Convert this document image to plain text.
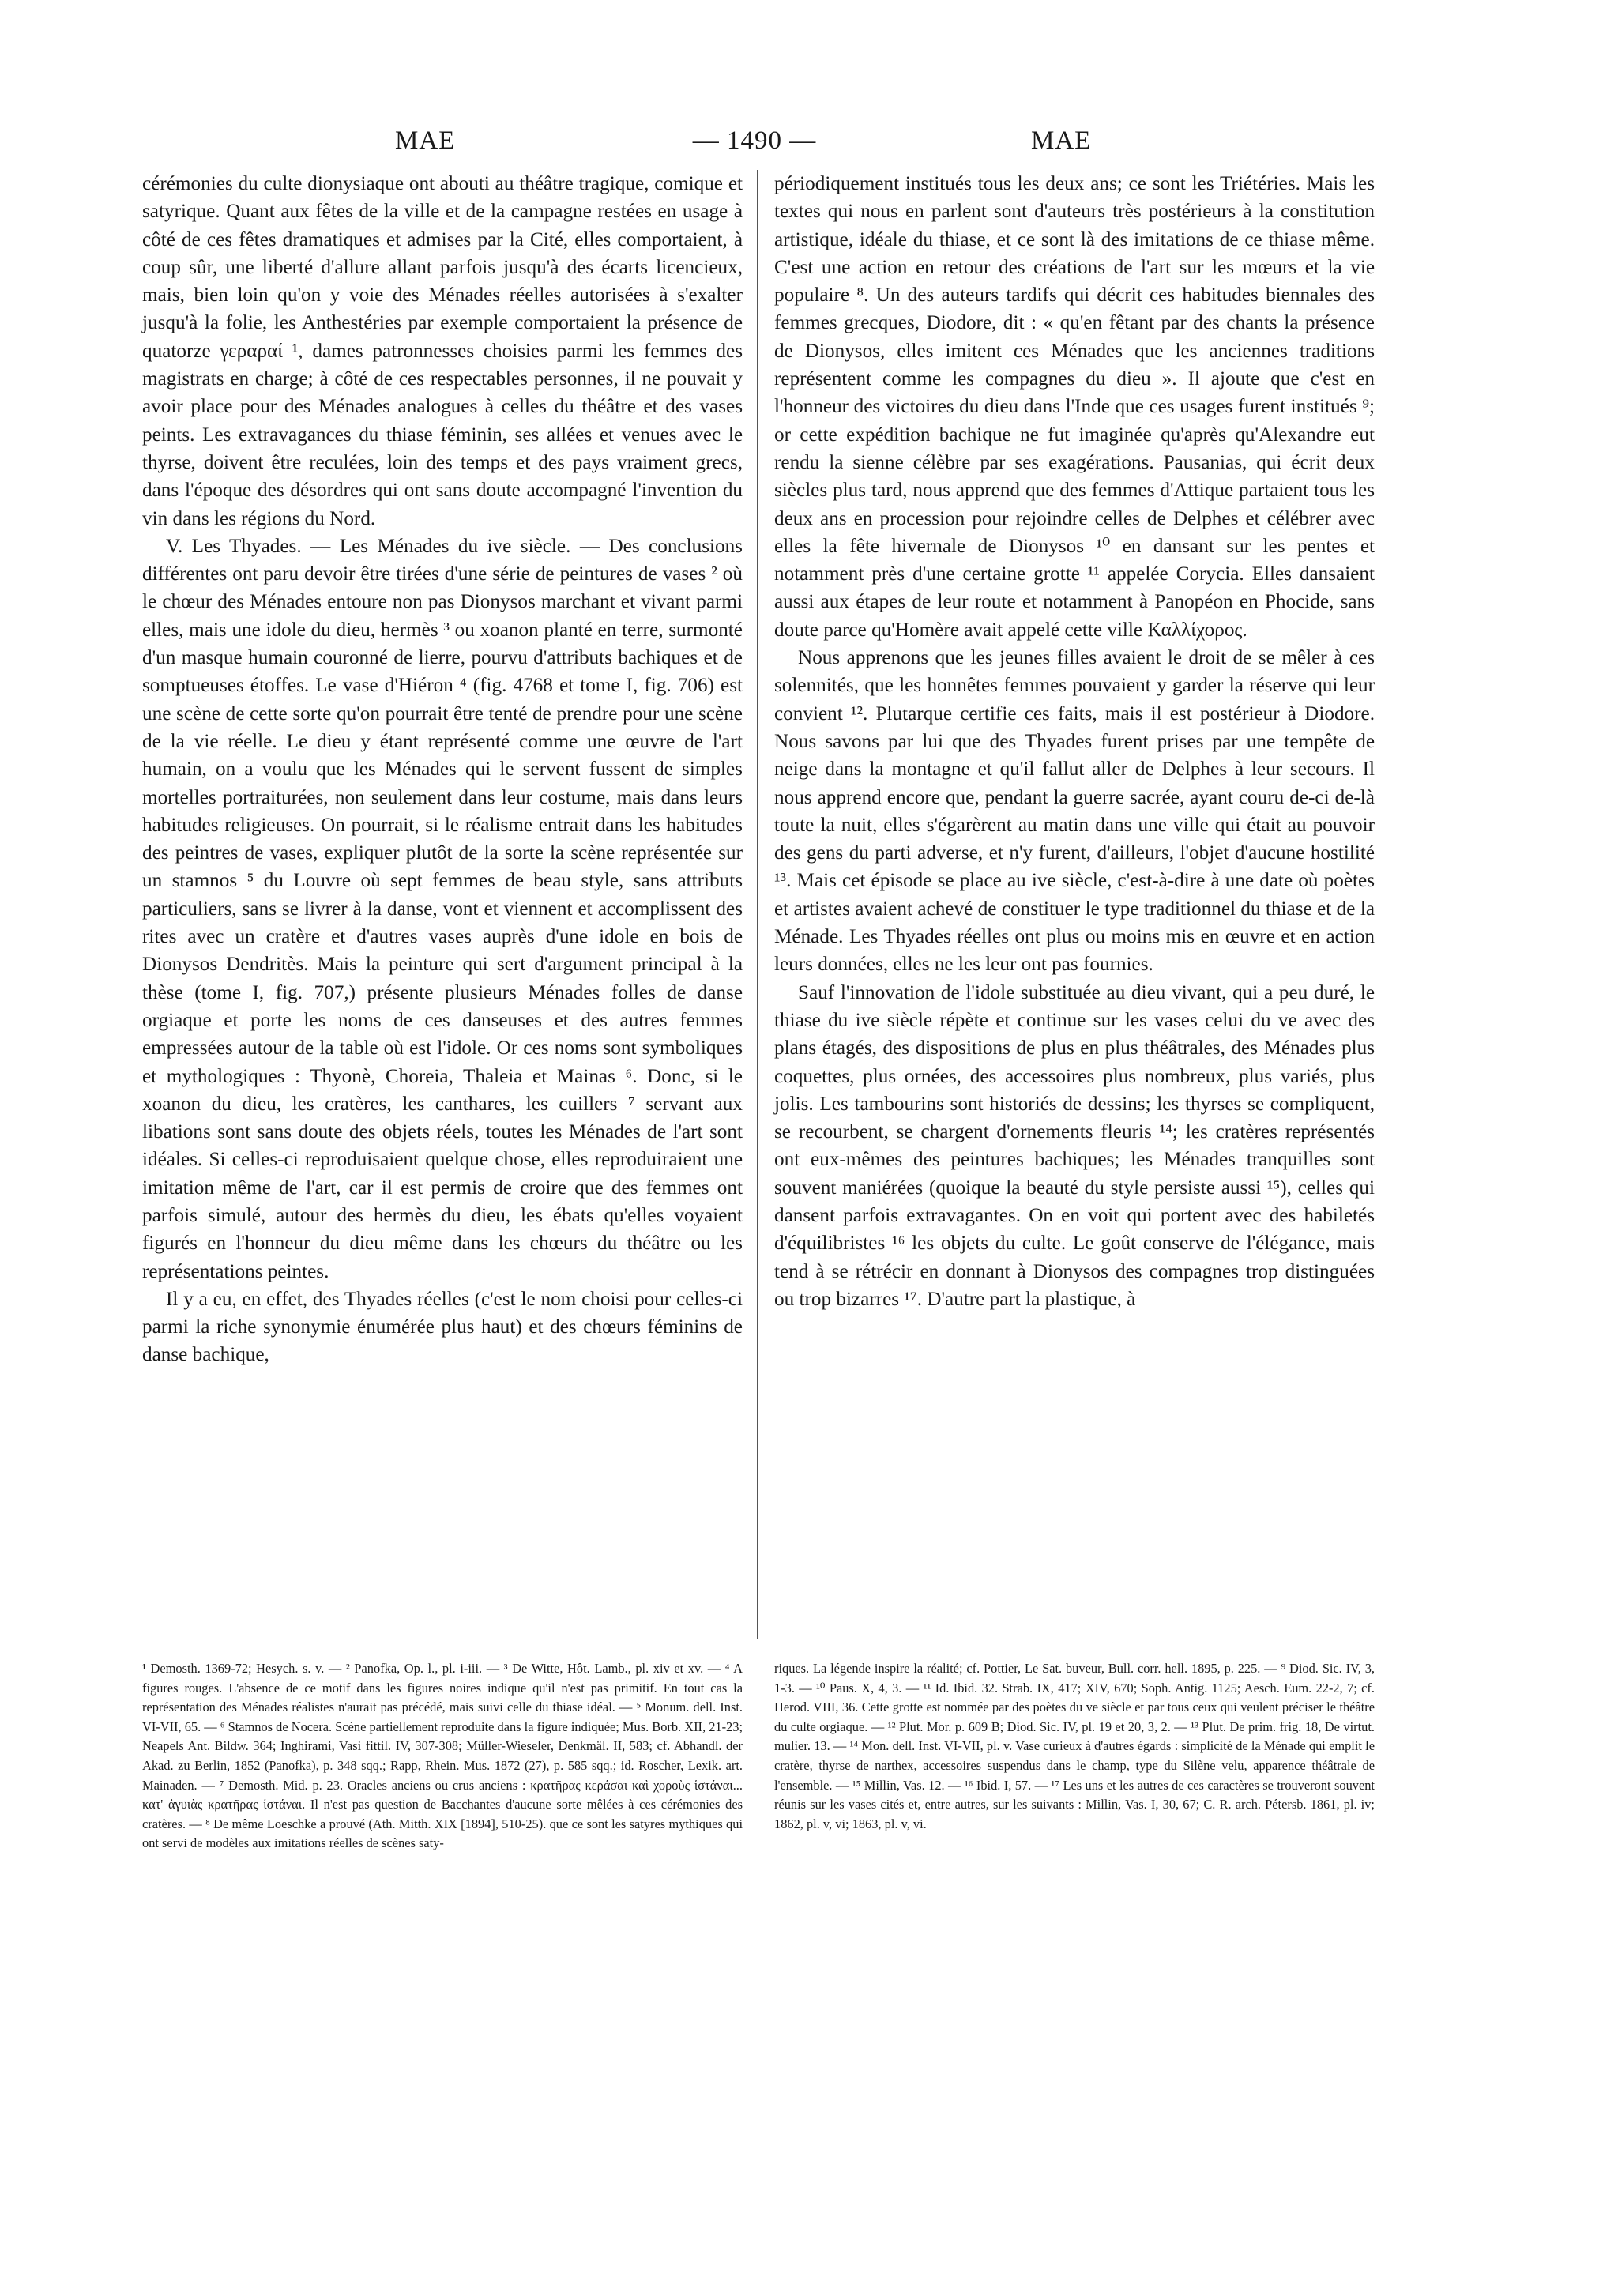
MAE	— 1490 —	MAE

cérémonies du culte dionysiaque ont abouti au théâtre tragique, comique et satyrique. Quant aux fêtes de la ville et de la campagne restées en usage à côté de ces fêtes dramatiques et admises par la Cité, elles comportaient, à coup sûr, une liberté d'allure allant parfois jusqu'à des écarts licencieux, mais, bien loin qu'on y voie des Ménades réelles autorisées à s'exalter jusqu'à la folie, les Anthestéries par exemple comportaient la présence de quatorze γεραραί ¹, dames patronnesses choisies parmi les femmes des magistrats en charge; à côté de ces respectables personnes, il ne pouvait y avoir place pour des Ménades analogues à celles du théâtre et des vases peints. Les extravagances du thiase féminin, ses allées et venues avec le thyrse, doivent être reculées, loin des temps et des pays vraiment grecs, dans l'époque des désordres qui ont sans doute accompagné l'invention du vin dans les régions du Nord.

V. Les Thyades. — Les Ménades du ive siècle. — Des conclusions différentes ont paru devoir être tirées d'une série de peintures de vases ² où le chœur des Ménades entoure non pas Dionysos marchant et vivant parmi elles, mais une idole du dieu, hermès ³ ou xoanon planté en terre, surmonté d'un masque humain couronné de lierre, pourvu d'attributs bachiques et de somptueuses étoffes. Le vase d'Hiéron ⁴ (fig. 4768 et tome I, fig. 706) est une scène de cette sorte qu'on pourrait être tenté de prendre pour une scène de la vie réelle. Le dieu y étant représenté comme une œuvre de l'art humain, on a voulu que les Ménades qui le servent fussent de simples mortelles portraiturées, non seulement dans leur costume, mais dans leurs habitudes religieuses. On pourrait, si le réalisme entrait dans les habitudes des peintres de vases, expliquer plutôt de la sorte la scène représentée sur un stamnos ⁵ du Louvre où sept femmes de beau style, sans attributs particuliers, sans se livrer à la danse, vont et viennent et accomplissent des rites avec un cratère et d'autres vases auprès d'une idole en bois de Dionysos Dendritès. Mais la peinture qui sert d'argument principal à la thèse (tome I, fig. 707,) présente plusieurs Ménades folles de danse orgiaque et porte les noms de ces danseuses et des autres femmes empressées autour de la table où est l'idole. Or ces noms sont symboliques et mythologiques : Thyonè, Choreia, Thaleia et Mainas ⁶. Donc, si le xoanon du dieu, les cratères, les canthares, les cuillers ⁷ servant aux libations sont sans doute des objets réels, toutes les Ménades de l'art sont idéales. Si celles-ci reproduisaient quelque chose, elles reproduiraient une imitation même de l'art, car il est permis de croire que des femmes ont parfois simulé, autour des hermès du dieu, les ébats qu'elles voyaient figurés en l'honneur du dieu même dans les chœurs du théâtre ou les représentations peintes.

Il y a eu, en effet, des Thyades réelles (c'est le nom choisi pour celles-ci parmi la riche synonymie énumérée plus haut) et des chœurs féminins de danse bachique,

périodiquement institués tous les deux ans; ce sont les Triétéries. Mais les textes qui nous en parlent sont d'auteurs très postérieurs à la constitution artistique, idéale du thiase, et ce sont là des imitations de ce thiase même. C'est une action en retour des créations de l'art sur les mœurs et la vie populaire ⁸. Un des auteurs tardifs qui décrit ces habitudes biennales des femmes grecques, Diodore, dit : « qu'en fêtant par des chants la présence de Dionysos, elles imitent ces Ménades que les anciennes traditions représentent comme les compagnes du dieu ». Il ajoute que c'est en l'honneur des victoires du dieu dans l'Inde que ces usages furent institués ⁹; or cette expédition bachique ne fut imaginée qu'après qu'Alexandre eut rendu la sienne célèbre par ses exagérations. Pausanias, qui écrit deux siècles plus tard, nous apprend que des femmes d'Attique partaient tous les deux ans en procession pour rejoindre celles de Delphes et célébrer avec elles la fête hivernale de Dionysos ¹⁰ en dansant sur les pentes et notamment près d'une certaine grotte ¹¹ appelée Corycia. Elles dansaient aussi aux étapes de leur route et notamment à Panopéon en Phocide, sans doute parce qu'Homère avait appelé cette ville Καλλίχορος.

Nous apprenons que les jeunes filles avaient le droit de se mêler à ces solennités, que les honnêtes femmes pouvaient y garder la réserve qui leur convient ¹². Plutarque certifie ces faits, mais il est postérieur à Diodore. Nous savons par lui que des Thyades furent prises par une tempête de neige dans la montagne et qu'il fallut aller de Delphes à leur secours. Il nous apprend encore que, pendant la guerre sacrée, ayant couru de-ci de-là toute la nuit, elles s'égarèrent au matin dans une ville qui était au pouvoir des gens du parti adverse, et n'y furent, d'ailleurs, l'objet d'aucune hostilité ¹³. Mais cet épisode se place au ive siècle, c'est-à-dire à une date où poètes et artistes avaient achevé de constituer le type traditionnel du thiase et de la Ménade. Les Thyades réelles ont plus ou moins mis en œuvre et en action leurs données, elles ne les leur ont pas fournies.

Sauf l'innovation de l'idole substituée au dieu vivant, qui a peu duré, le thiase du ive siècle répète et continue sur les vases celui du ve avec des plans étagés, des dispositions de plus en plus théâtrales, des Ménades plus coquettes, plus ornées, des accessoires plus nombreux, plus variés, plus jolis. Les tambourins sont historiés de dessins; les thyrses se compliquent, se recourbent, se chargent d'ornements fleuris ¹⁴; les cratères représentés ont eux-mêmes des peintures bachiques; les Ménades tranquilles sont souvent maniérées (quoique la beauté du style persiste aussi ¹⁵), celles qui dansent parfois extravagantes. On en voit qui portent avec des habiletés d'équilibristes ¹⁶ les objets du culte. Le goût conserve de l'élégance, mais tend à se rétrécir en donnant à Dionysos des compagnes trop distinguées ou trop bizarres ¹⁷. D'autre part la plastique, à

¹ Demosth. 1369-72; Hesych. s. v. — ² Panofka, Op. l., pl. i-iii. — ³ De Witte, Hôt. Lamb., pl. xiv et xv. — ⁴ A figures rouges. L'absence de ce motif dans les figures noires indique qu'il n'est pas primitif. En tout cas la représentation des Ménades réalistes n'aurait pas précédé, mais suivi celle du thiase idéal. — ⁵ Monum. dell. Inst. VI-VII, 65. — ⁶ Stamnos de Nocera. Scène partiellement reproduite dans la figure indiquée; Mus. Borb. XII, 21-23; Neapels Ant. Bildw. 364; Inghirami, Vasi fittil. IV, 307-308; Müller-Wieseler, Denkmäl. II, 583; cf. Abhandl. der Akad. zu Berlin, 1852 (Panofka), p. 348 sqq.; Rapp, Rhein. Mus. 1872 (27), p. 585 sqq.; id. Roscher, Lexik. art. Mainaden. — ⁷ Demosth. Mid. p. 23. Oracles anciens ou crus anciens : κρατῆρας κεράσαι καὶ χοροὺς ἱστάναι... κατ' ἀγυιὰς κρατῆρας ἱστάναι. Il n'est pas question de Bacchantes d'aucune sorte mêlées à ces cérémonies des cratères. — ⁸ De même Loeschke a prouvé (Ath. Mitth. XIX [1894], 510-25). que ce sont les satyres mythiques qui ont servi de modèles aux imitations réelles de scènes saty-

riques. La légende inspire la réalité; cf. Pottier, Le Sat. buveur, Bull. corr. hell. 1895, p. 225. — ⁹ Diod. Sic. IV, 3, 1-3. — ¹⁰ Paus. X, 4, 3. — ¹¹ Id. Ibid. 32. Strab. IX, 417; XIV, 670; Soph. Antig. 1125; Aesch. Eum. 22-2, 7; cf. Herod. VIII, 36. Cette grotte est nommée par des poètes du ve siècle et par tous ceux qui veulent préciser le théâtre du culte orgiaque. — ¹² Plut. Mor. p. 609 B; Diod. Sic. IV, pl. 19 et 20, 3, 2. — ¹³ Plut. De prim. frig. 18, De virtut. mulier. 13. — ¹⁴ Mon. dell. Inst. VI-VII, pl. v. Vase curieux à d'autres égards : simplicité de la Ménade qui emplit le cratère, thyrse de narthex, accessoires suspendus dans le champ, type du Silène velu, apparence théâtrale de l'ensemble. — ¹⁵ Millin, Vas. 12. — ¹⁶ Ibid. I, 57. — ¹⁷ Les uns et les autres de ces caractères se trouveront souvent réunis sur les vases cités et, entre autres, sur les suivants : Millin, Vas. I, 30, 67; C. R. arch. Pétersb. 1861, pl. iv; 1862, pl. v, vi; 1863, pl. v, vi.
